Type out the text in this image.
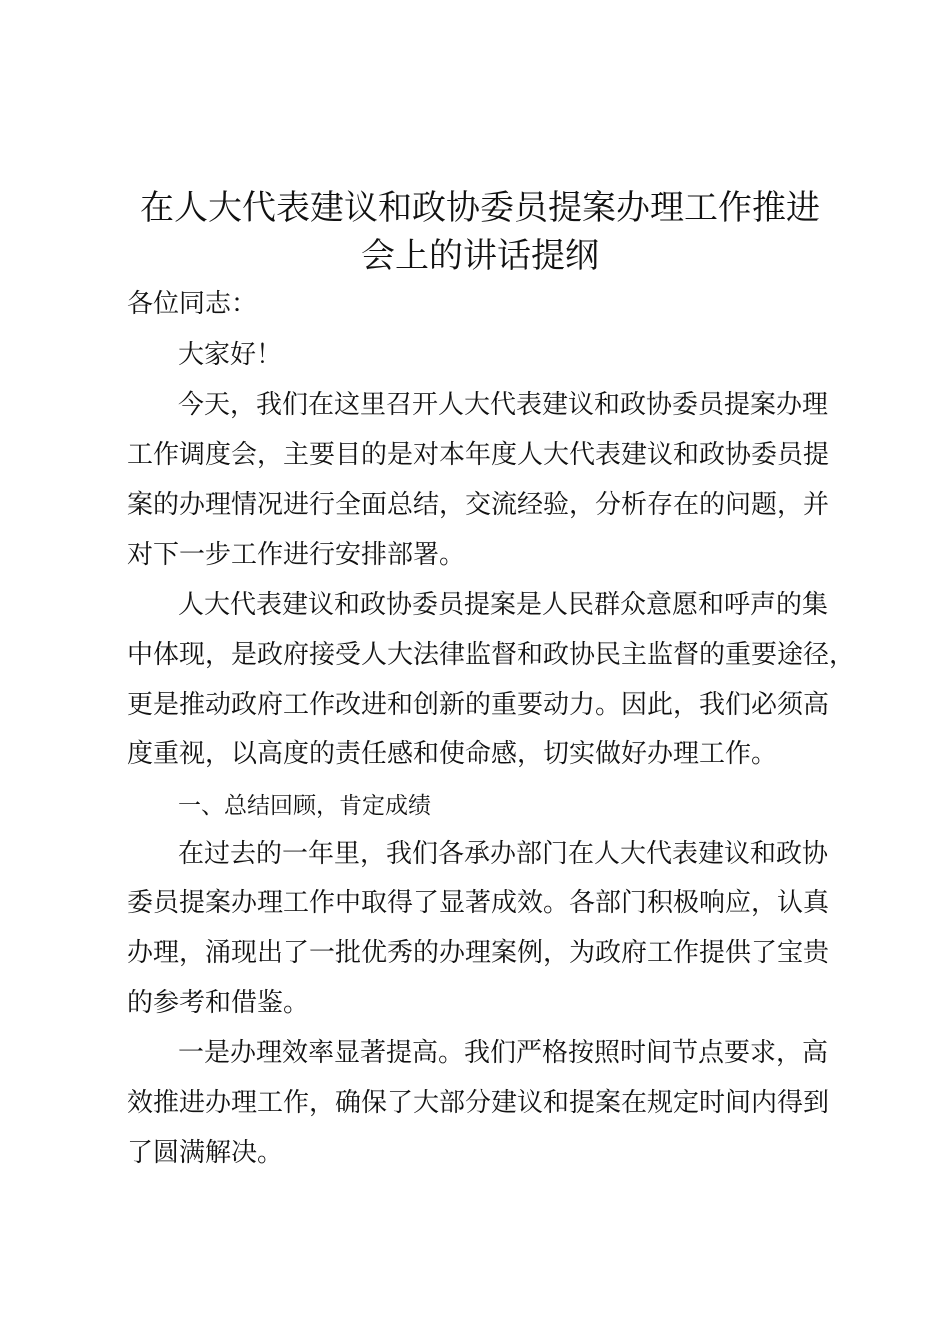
在人大代表建议和政协委员提案办理工作推进
会上的讲话提纲

各位同志：

大家好！

今天，我们在这里召开人大代表建议和政协委员提案办理

工作调度会，主要目的是对本年度人大代表建议和政协委员提

案的办理情况进行全面总结，交流经验，分析存在的问题，并

对下一步工作进行安排部署。

人大代表建议和政协委员提案是人民群众意愿和呼声的集

中体现，是政府接受人大法律监督和政协民主监督的重要途径，

更是推动政府工作改进和创新的重要动力。因此，我们必须高

度重视，以高度的责任感和使命感，切实做好办理工作。

一、总结回顾，肯定成绩

在过去的一年里，我们各承办部门在人大代表建议和政协

委员提案办理工作中取得了显著成效。各部门积极响应，认真

办理，涌现出了一批优秀的办理案例，为政府工作提供了宝贵

的参考和借鉴。

一是办理效率显著提高。我们严格按照时间节点要求，高

效推进办理工作，确保了大部分建议和提案在规定时间内得到

了圆满解决。
